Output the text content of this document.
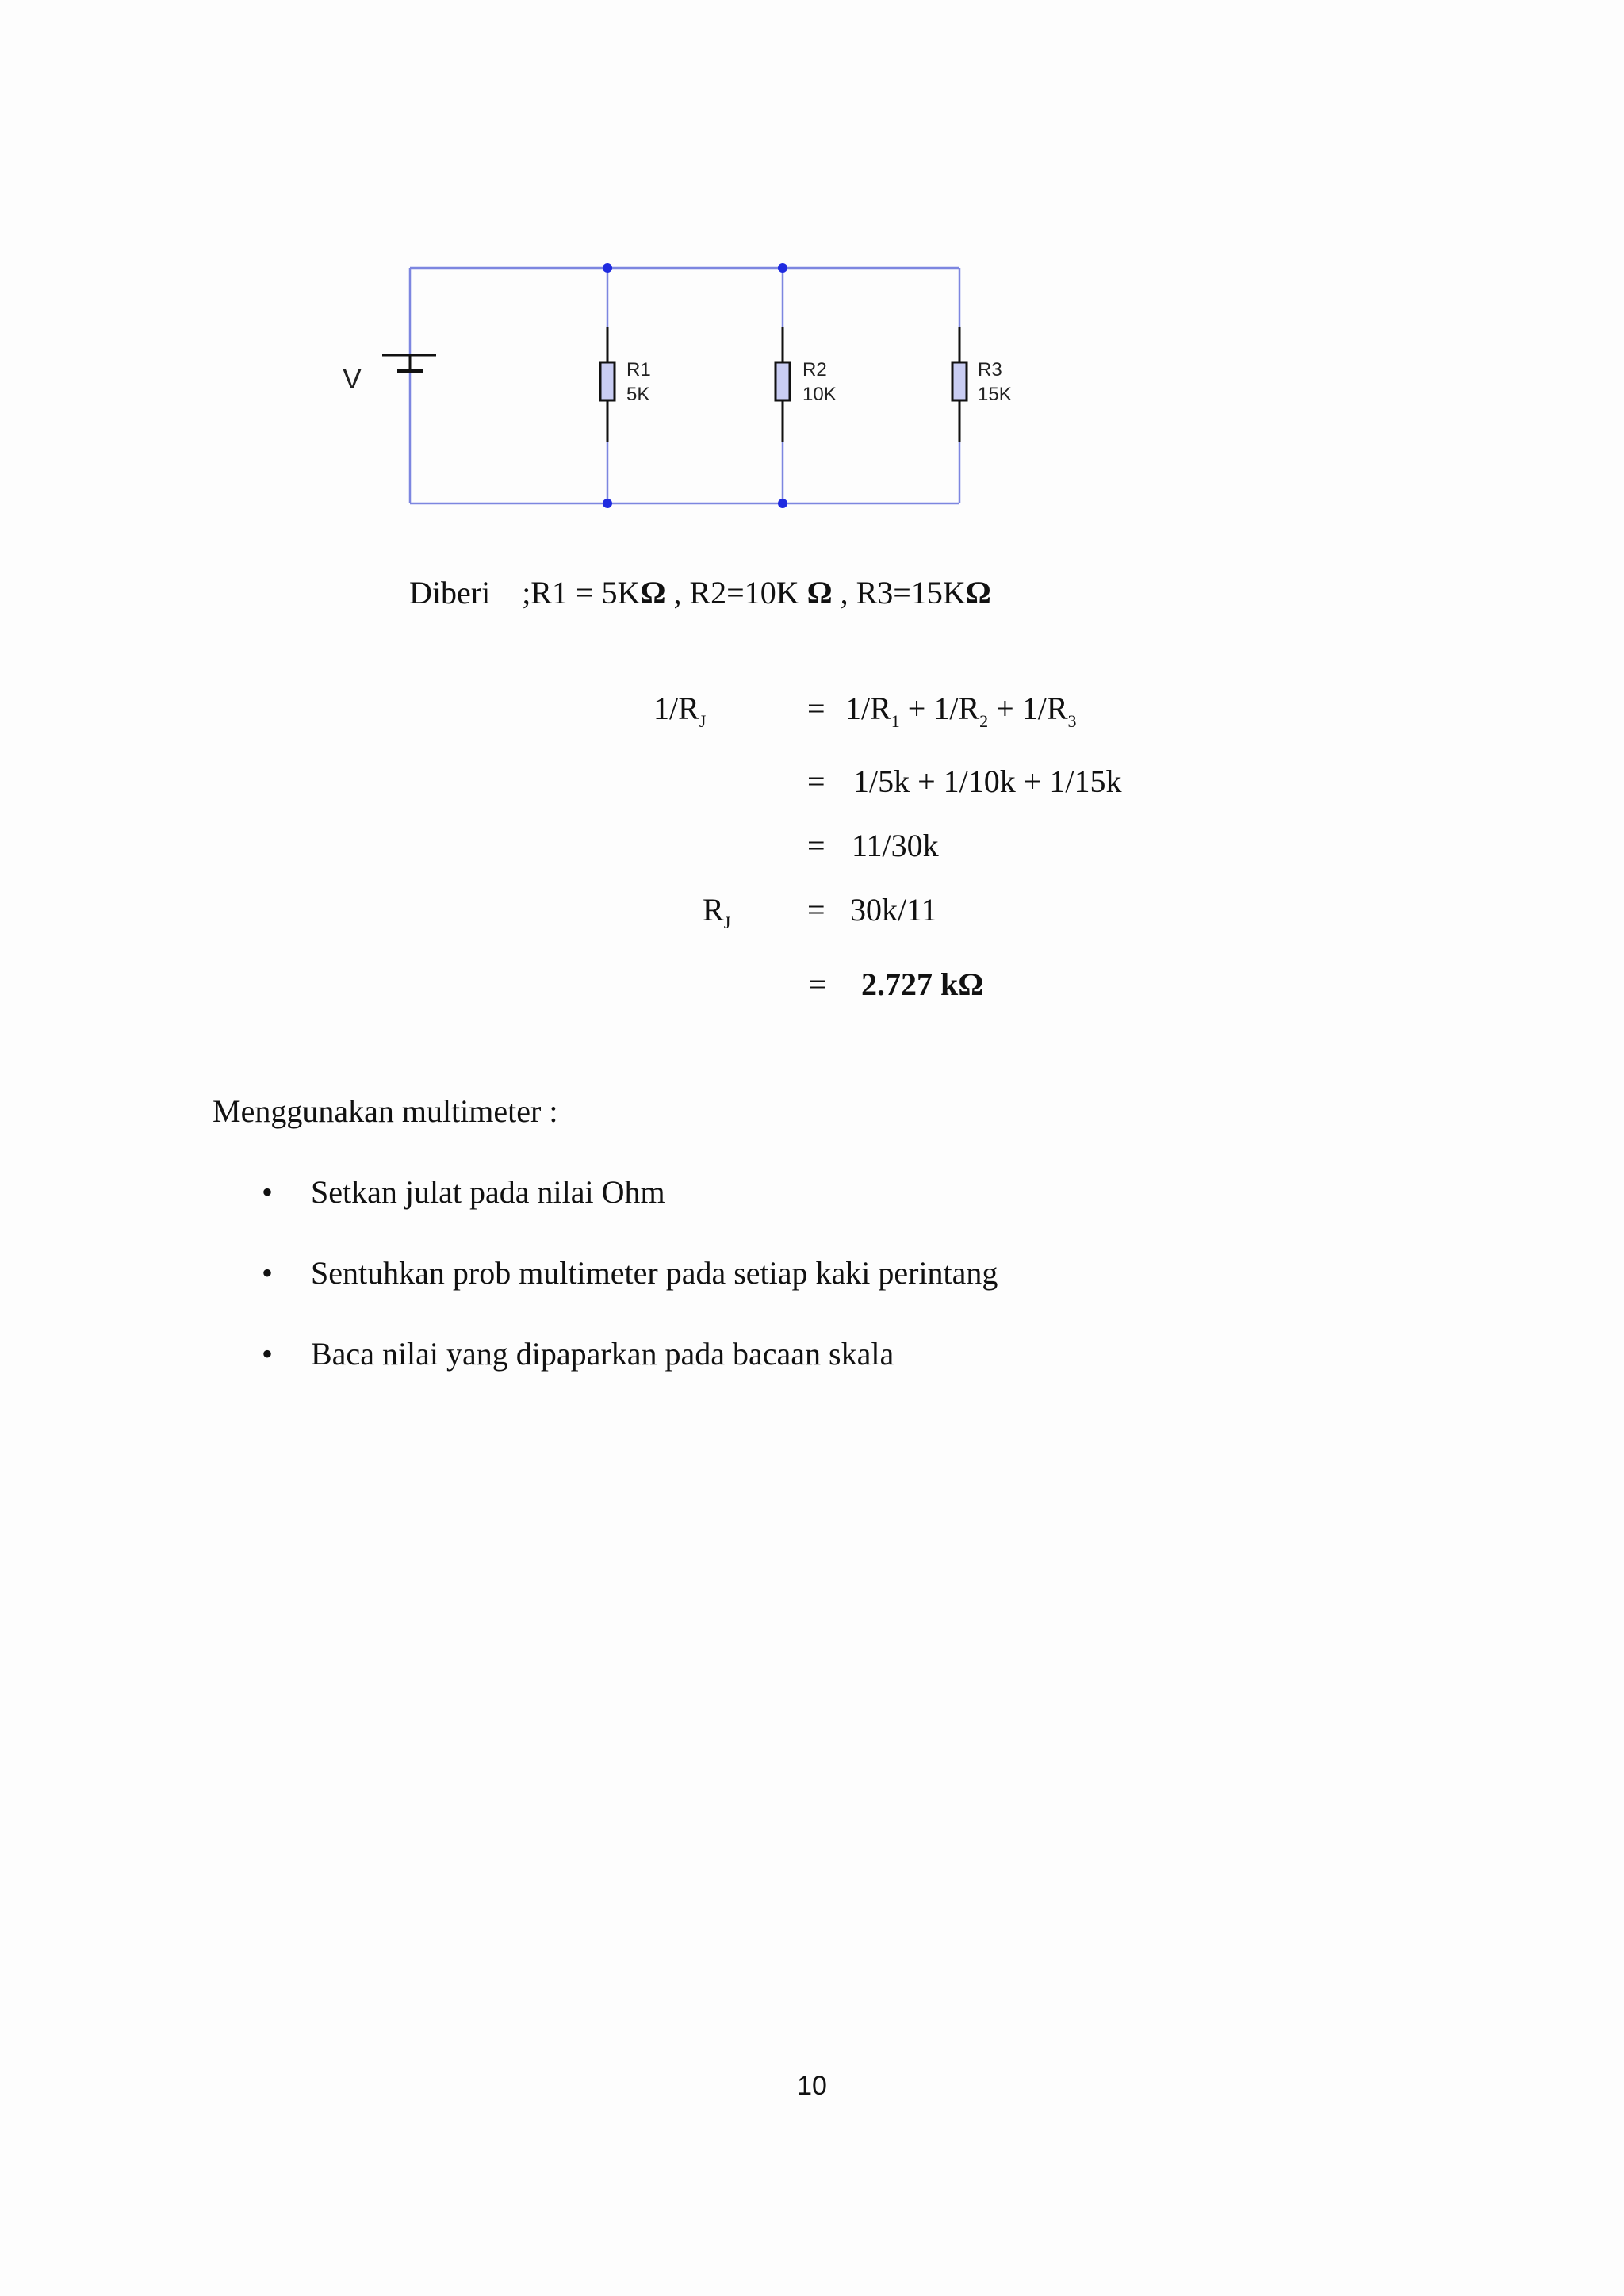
V	R1
5K
R2
10K
R3
15K
Diberi ;R1 = 5KΩ , R2=10K Ω , R3=15KΩ
$1/R_J$	= $1/R_1 + 1/R_2 + 1/R_3$
= 1/5k + 1/10k + 1/15k
= 11/30k
$R_J = 30k/11$
= 2.727 kΩ
Menggunakan multimeter :

•

Setkan julat pada nilai Ohm

•

Sentuhkan prob multimeter pada setiap kaki perintang

•

Baca nilai yang dipaparkan pada bacaan skala

10
